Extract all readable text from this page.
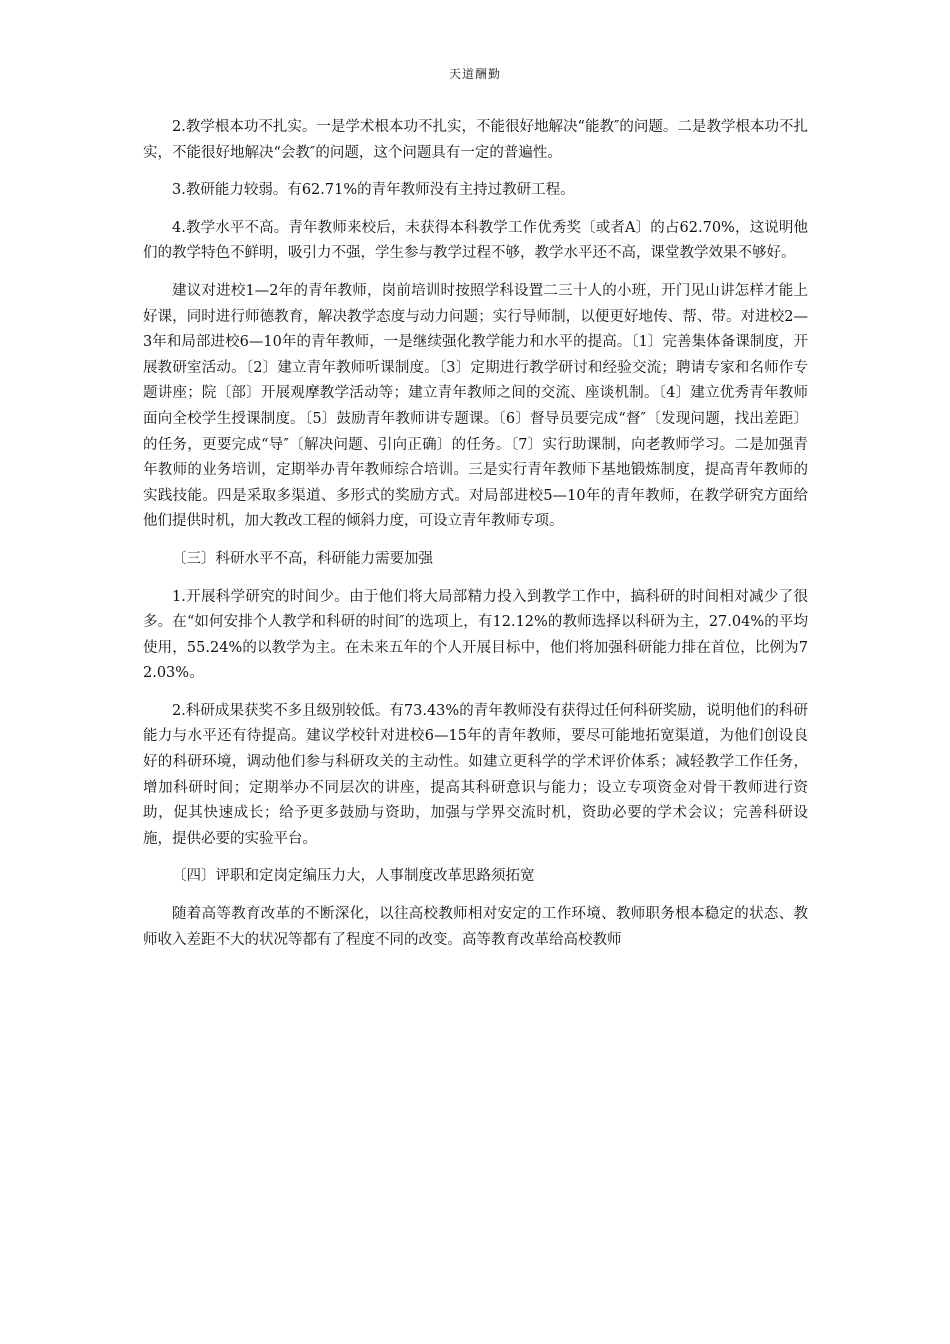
天道酬勤

2.教学根本功不扎实。一是学术根本功不扎实，不能很好地解决“能教″的问题。二是教学根本功不扎实，不能很好地解决“会教″的问题，这个问题具有一定的普遍性。

3.教研能力较弱。有62.71%的青年教师没有主持过教研工程。

4.教学水平不高。青年教师来校后，未获得本科教学工作优秀奖〔或者A〕的占62.70%，这说明他们的教学特色不鲜明，吸引力不强，学生参与教学过程不够，教学水平还不高，课堂教学效果不够好。

建议对进校1—2年的青年教师，岗前培训时按照学科设置二三十人的小班，开门见山讲怎样才能上好课，同时进行师德教育，解决教学态度与动力问题；实行导师制，以便更好地传、帮、带。对进校2—3年和局部进校6—10年的青年教师，一是继续强化教学能力和水平的提高。〔1〕完善集体备课制度，开展教研室活动。〔2〕建立青年教师听课制度。〔3〕定期进行教学研讨和经验交流；聘请专家和名师作专题讲座；院〔部〕开展观摩教学活动等；建立青年教师之间的交流、座谈机制。〔4〕建立优秀青年教师面向全校学生授课制度。〔5〕鼓励青年教师讲专题课。〔6〕督导员要完成“督″〔发现问题，找出差距〕的任务，更要完成“导″〔解决问题、引向正确〕的任务。〔7〕实行助课制，向老教师学习。二是加强青年教师的业务培训，定期举办青年教师综合培训。三是实行青年教师下基地锻炼制度，提高青年教师的实践技能。四是采取多渠道、多形式的奖励方式。对局部进校5—10年的青年教师，在教学研究方面给他们提供时机，加大教改工程的倾斜力度，可设立青年教师专项。

〔三〕科研水平不高，科研能力需要加强

1.开展科学研究的时间少。由于他们将大局部精力投入到教学工作中，搞科研的时间相对减少了很多。在“如何安排个人教学和科研的时间″的选项上，有12.12%的教师选择以科研为主，27.04%的平均使用，55.24%的以教学为主。在未来五年的个人开展目标中，他们将加强科研能力排在首位，比例为72.03%。

2.科研成果获奖不多且级别较低。有73.43%的青年教师没有获得过任何科研奖励，说明他们的科研能力与水平还有待提高。建议学校针对进校6—15年的青年教师，要尽可能地拓宽渠道，为他们创设良好的科研环境，调动他们参与科研攻关的主动性。如建立更科学的学术评价体系；减轻教学工作任务，增加科研时间；定期举办不同层次的讲座，提高其科研意识与能力；设立专项资金对骨干教师进行资助，促其快速成长；给予更多鼓励与资助，加强与学界交流时机，资助必要的学术会议；完善科研设施，提供必要的实验平台。

〔四〕评职和定岗定编压力大，人事制度改革思路须拓宽

随着高等教育改革的不断深化，以往高校教师相对安定的工作环境、教师职务根本稳定的状态、教师收入差距不大的状况等都有了程度不同的改变。高等教育改革给高校教师
